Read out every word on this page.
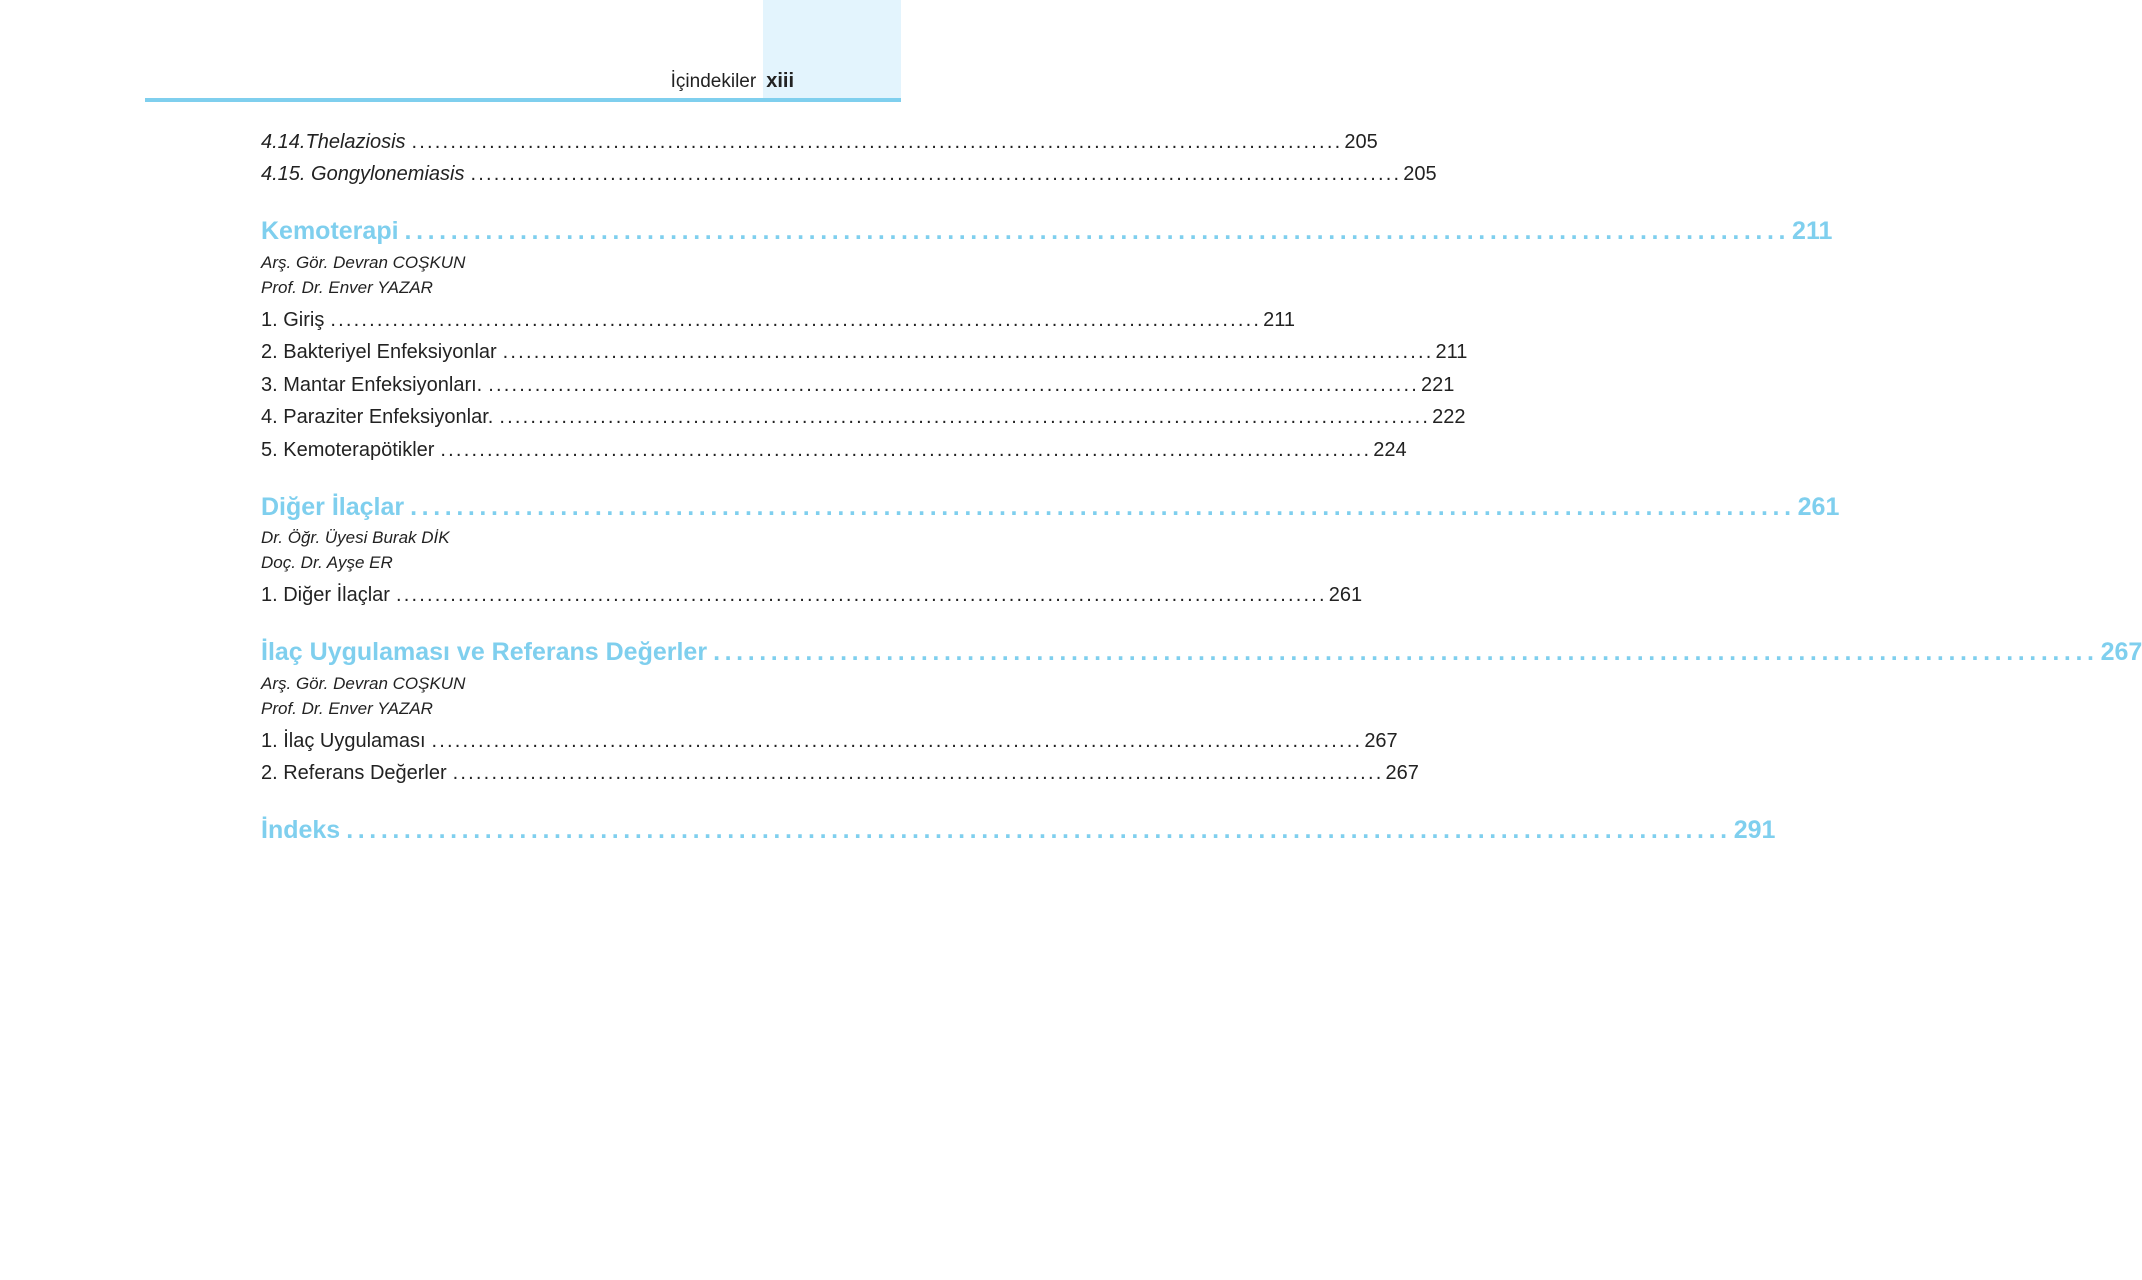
İçindekiler xiii
4.14.Thelaziosis ........................................................................................................................ 205
4.15. Gongylonemiasis ........................................................................................................................ 205
Kemoterapi ........................................................................................................................ 211
Arş. Gör. Devran COŞKUN
Prof. Dr. Enver YAZAR
1. Giriş ........................................................................................................................ 211
2. Bakteriyel Enfeksiyonlar ........................................................................................................................ 211
3. Mantar Enfeksiyonları. ........................................................................................................................ 221
4. Paraziter Enfeksiyonlar. ........................................................................................................................ 222
5. Kemoterapötikler ........................................................................................................................ 224
Diğer İlaçlar ........................................................................................................................ 261
Dr. Öğr. Üyesi Burak DİK
Doç. Dr. Ayşe ER
1. Diğer İlaçlar ........................................................................................................................ 261
İlaç Uygulaması ve Referans Değerler ........................................................................................................................ 267
Arş. Gör. Devran COŞKUN
Prof. Dr. Enver YAZAR
1. İlaç Uygulaması ........................................................................................................................ 267
2. Referans Değerler ........................................................................................................................ 267
İndeks ........................................................................................................................ 291
